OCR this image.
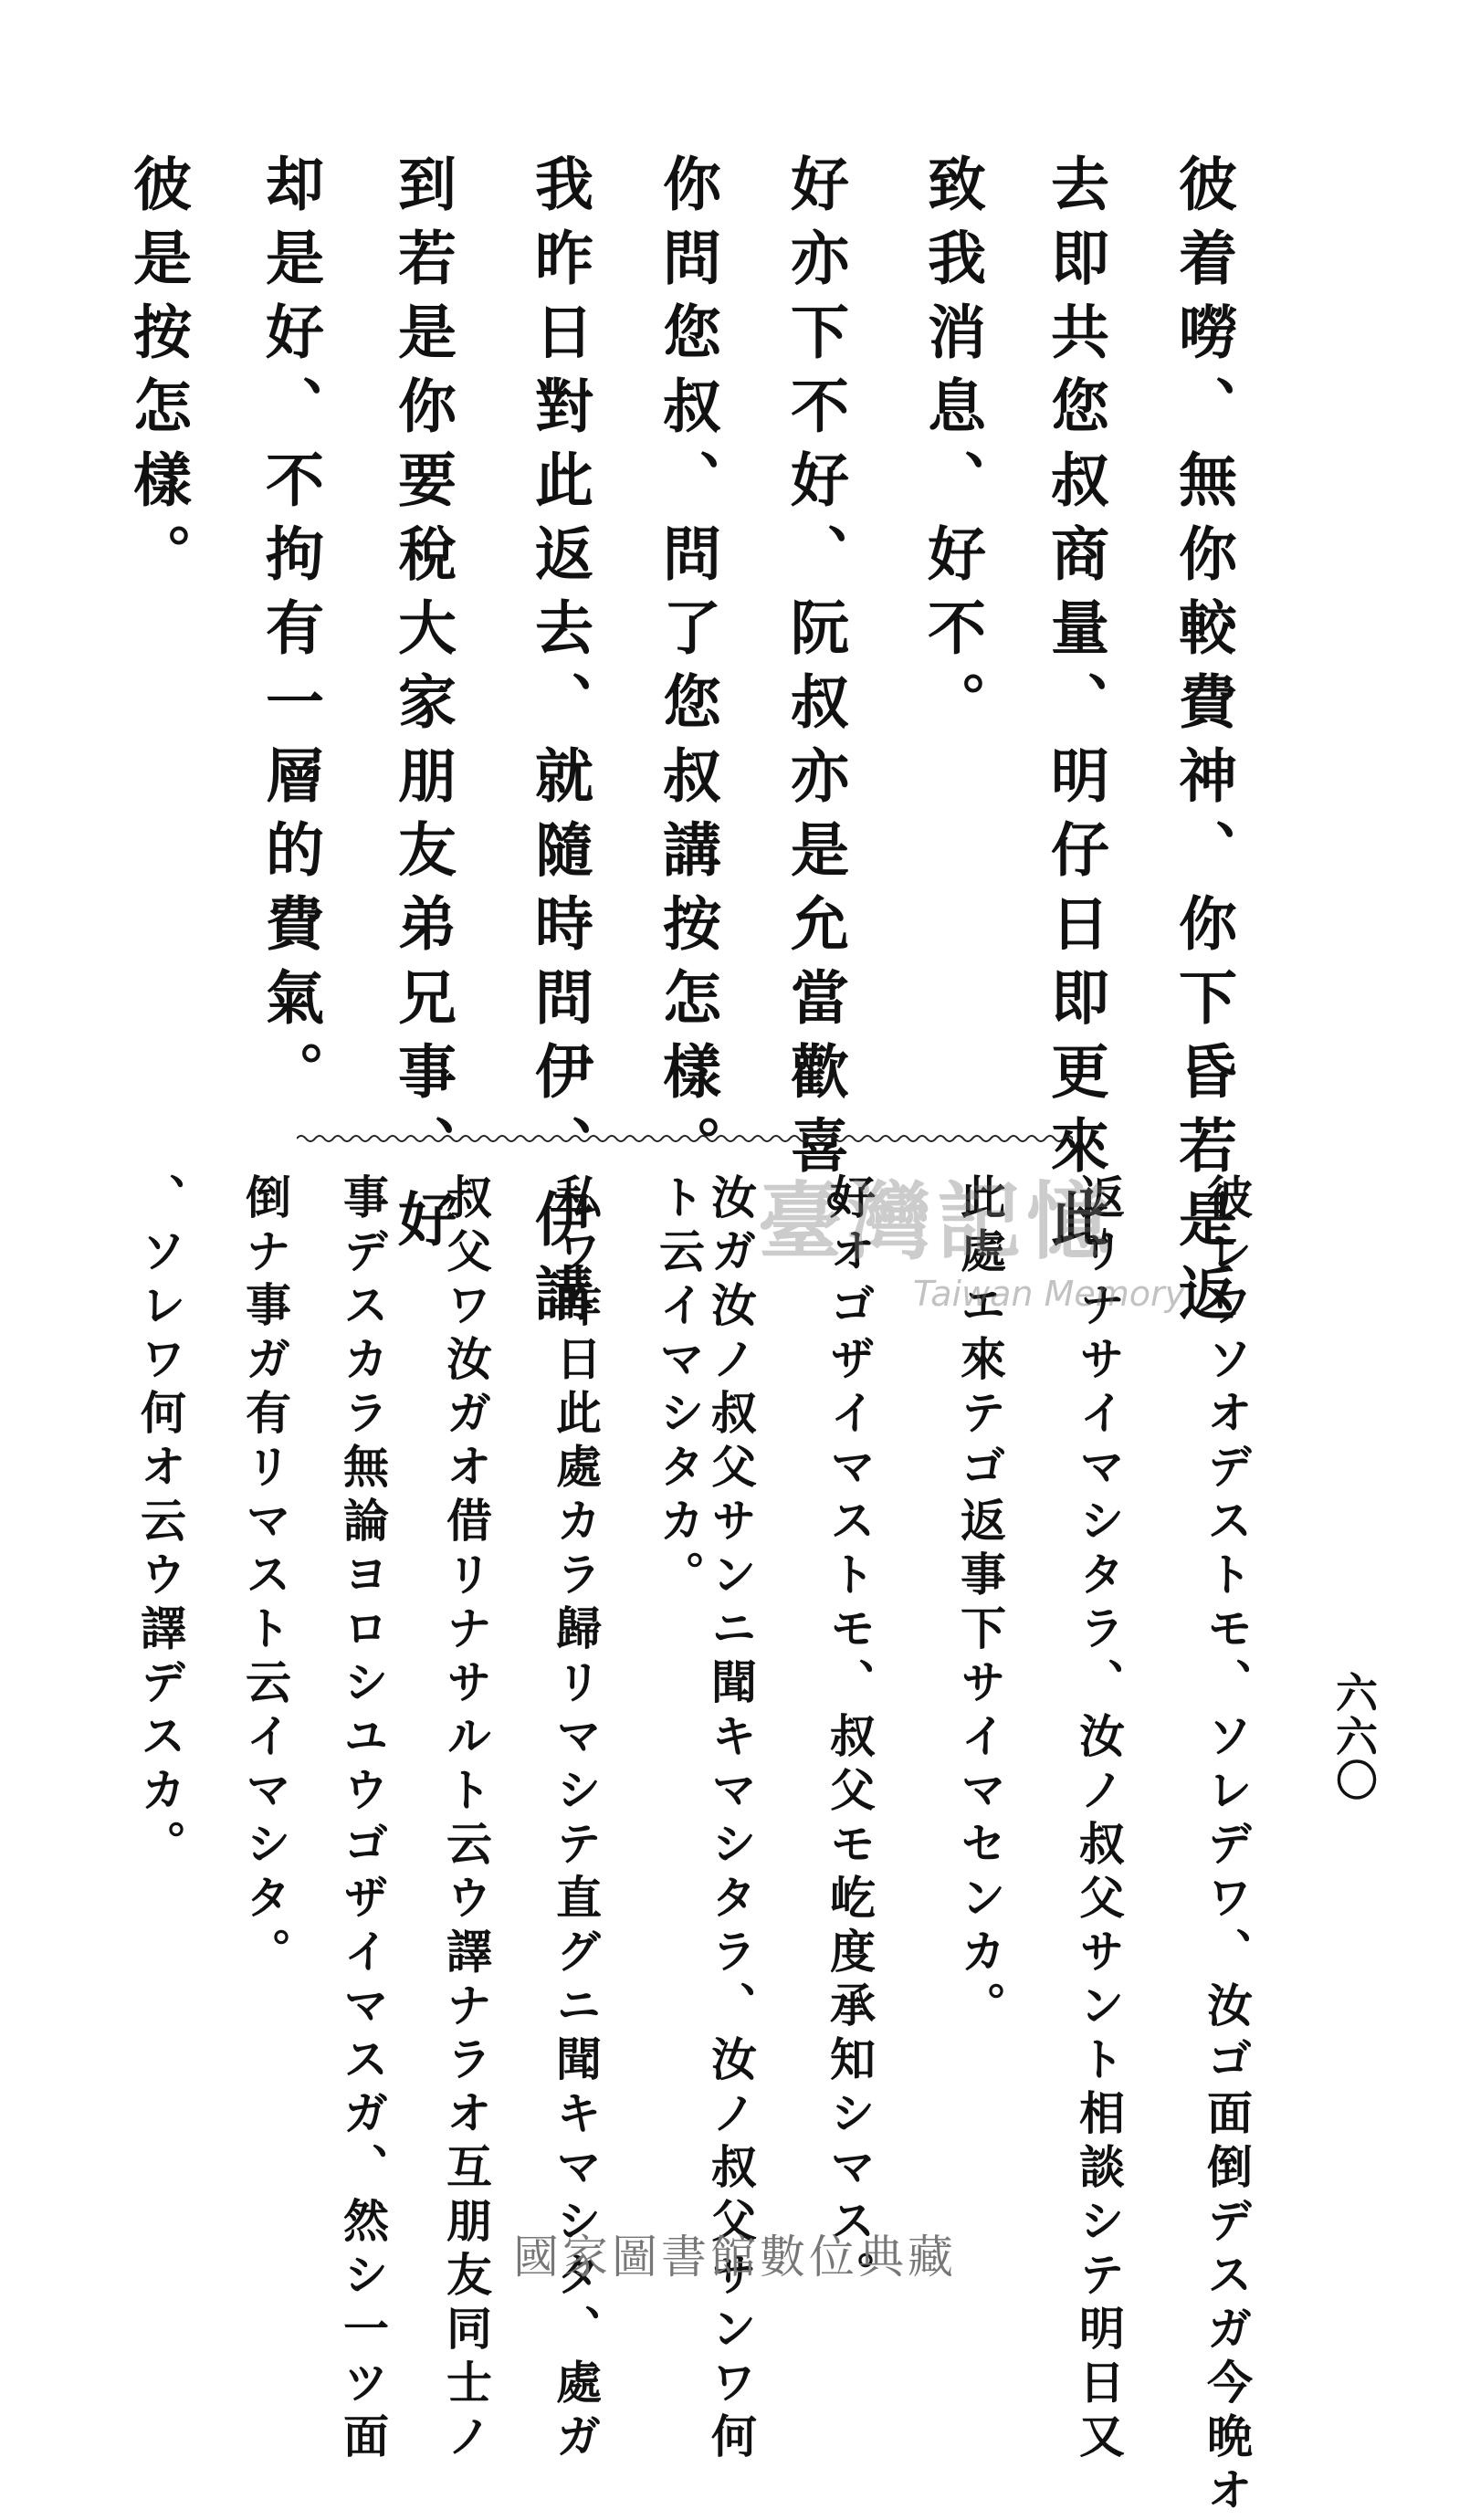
六六〇
彼着嘮、無你較費神、你下昏若是返
去即共您叔商量、明仔日即更來此
致我消息、好不。
好亦下不好、阮叔亦是允當歡喜。
你問您叔、問了您叔講按怎樣。
我昨日對此返去、就隨時問伊、伊講
到若是你要稅大家朋友弟兄事、好
却是好、不拘有一層的費氣。
彼是按怎樣。
彼レワソオデストモ、ソレデワ、汝ゴ面倒デスガ今晩オ
返リナサイマシタラ、汝ノ叔父サント相談シテ明日又
此處エ來テゴ返事下サイマセンカ。
好オゴザイマストモ、叔父モ屹度承知シマス。
汝ガ汝ノ叔父サンニ聞キマシタラ、汝ノ叔父サンワ何
ト云イマシタカ。
私ワ昨日此處カラ歸リマシテ直グニ聞キマシタ、處ガ
叔父ワ汝ガオ借リナサルト云ウ譯ナラオ互朋友同士ノ
事デスカラ無論ヨロシユウゴザイマスガ、然シ一ツ面
倒ナ事ガ有リマスト云イマシタ。
、ソレワ何オ云ウ譯デスカ。	臺灣記憶
Taiwan Memory
國家圖書館數位典藏
